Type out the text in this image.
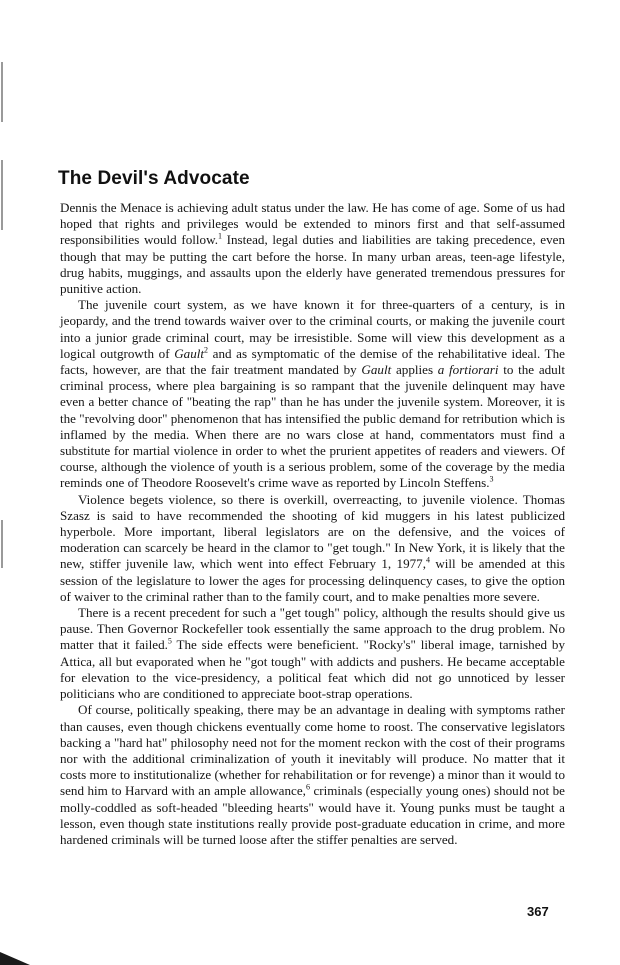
The Devil's Advocate

Dennis the Menace is achieving adult status under the law. He has come of age. Some of us had hoped that rights and privileges would be extended to minors first and that self-assumed responsibilities would follow.$^1$ Instead, legal duties and liabilities are taking precedence, even though that may be putting the cart before the horse. In many urban areas, teen-age lifestyle, drug habits, muggings, and assaults upon the elderly have generated tremendous pressures for punitive action.

The juvenile court system, as we have known it for three-quarters of a century, is in jeopardy, and the trend towards waiver over to the criminal courts, or making the juvenile court into a junior grade criminal court, may be irresistible. Some will view this development as a logical outgrowth of Gault$^2$ and as symptomatic of the demise of the rehabilitative ideal. The facts, however, are that the fair treatment mandated by Gault applies a fortiorari to the adult criminal process, where plea bargaining is so rampant that the juvenile delinquent may have even a better chance of "beating the rap" than he has under the juvenile system. Moreover, it is the "revolving door" phenomenon that has intensified the public demand for retribution which is inflamed by the media. When there are no wars close at hand, commentators must find a substitute for martial violence in order to whet the prurient appetites of readers and viewers. Of course, although the violence of youth is a serious problem, some of the coverage by the media reminds one of Theodore Roosevelt's crime wave as reported by Lincoln Steffens.$^3$

Violence begets violence, so there is overkill, overreacting, to juvenile violence. Thomas Szasz is said to have recommended the shooting of kid muggers in his latest publicized hyperbole. More important, liberal legislators are on the defensive, and the voices of moderation can scarcely be heard in the clamor to "get tough." In New York, it is likely that the new, stiffer juvenile law, which went into effect February 1, 1977,$^4$ will be amended at this session of the legislature to lower the ages for processing delinquency cases, to give the option of waiver to the criminal rather than to the family court, and to make penalties more severe.

There is a recent precedent for such a "get tough" policy, although the results should give us pause. Then Governor Rockefeller took essentially the same approach to the drug problem. No matter that it failed.$^5$ The side effects were beneficient. "Rocky's" liberal image, tarnished by Attica, all but evaporated when he "got tough" with addicts and pushers. He became acceptable for elevation to the vice-presidency, a political feat which did not go unnoticed by lesser politicians who are conditioned to appreciate boot-strap operations.

Of course, politically speaking, there may be an advantage in dealing with symptoms rather than causes, even though chickens eventually come home to roost. The conservative legislators backing a "hard hat" philosophy need not for the moment reckon with the cost of their programs nor with the additional criminalization of youth it inevitably will produce. No matter that it costs more to institutionalize (whether for rehabilitation or for revenge) a minor than it would to send him to Harvard with an ample allowance,$^6$ criminals (especially young ones) should not be molly-coddled as soft-headed "bleeding hearts" would have it. Young punks must be taught a lesson, even though state institutions really provide post-graduate education in crime, and more hardened criminals will be turned loose after the stiffer penalties are served.

367
